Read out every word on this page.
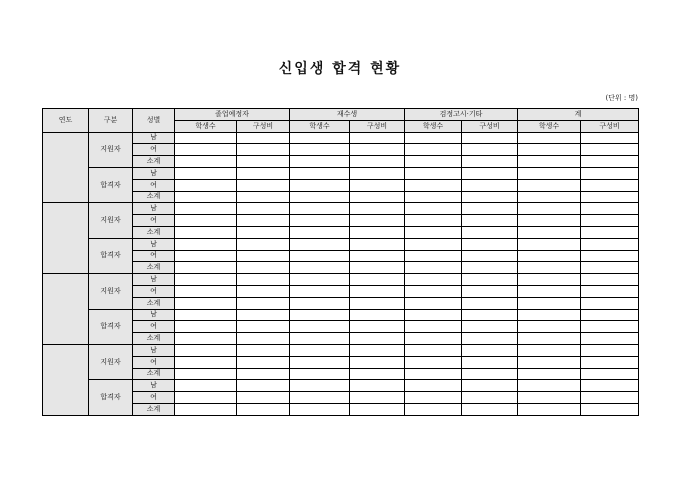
신입생 합격 현황
(단위 : 명)
연도	구분	성별	졸업예정자		재수생		검정고시·기타		계	
			학생수	구성비	학생수	구성비	학생수	구성비	학생수	구성비
	지원자	남								
		여								
		소계								
	합격자	남								
		여								
		소계								
	지원자	남								
		여								
		소계								
	합격자	남								
		여								
		소계								
	지원자	남								
		여								
		소계								
	합격자	남								
		여								
		소계								
	지원자	남								
		여								
		소계								
	합격자	남								
		여								
		소계								
